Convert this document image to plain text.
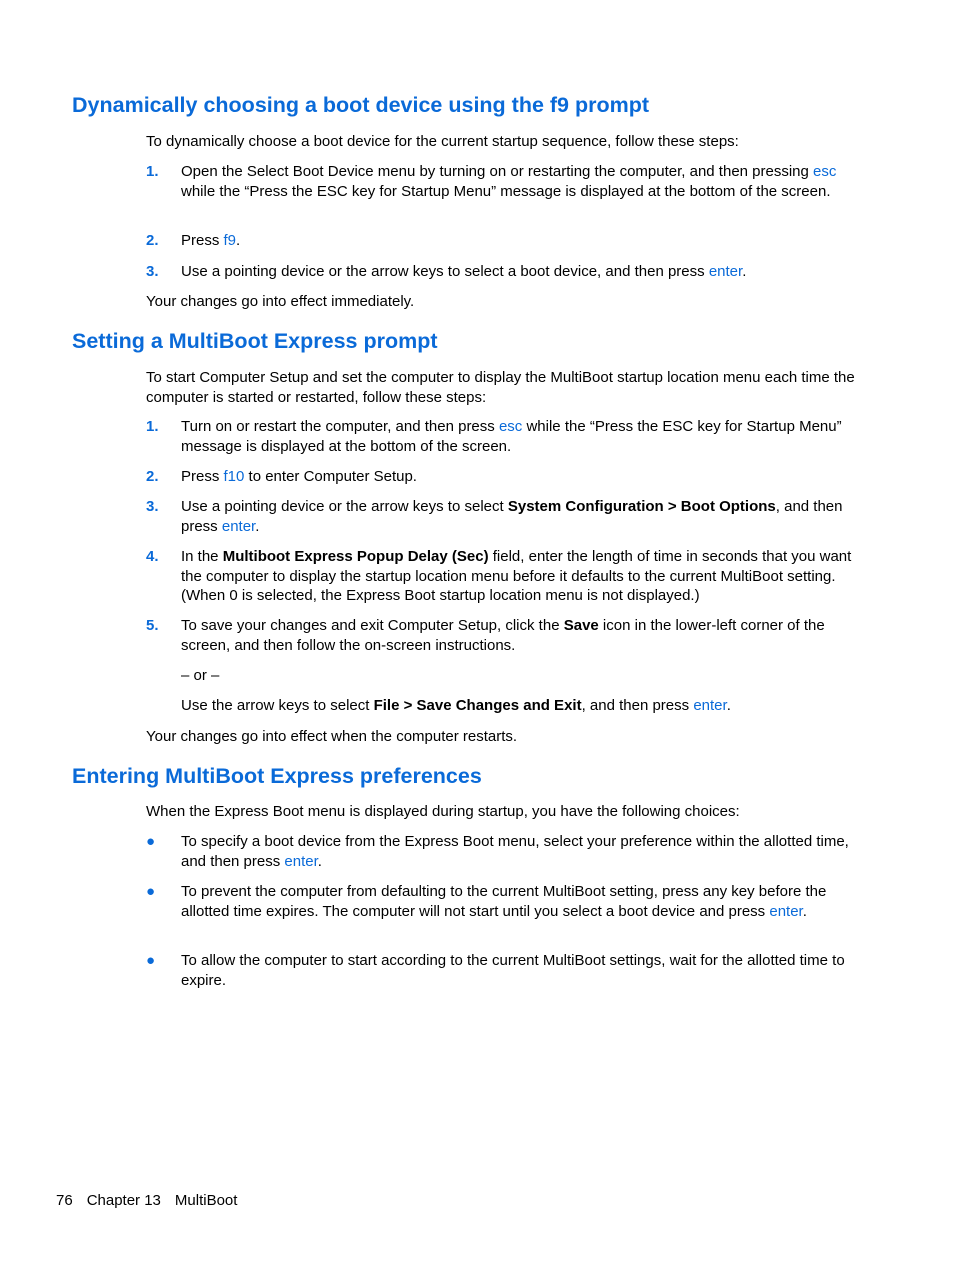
Dynamically choosing a boot device using the f9 prompt

To dynamically choose a boot device for the current startup sequence, follow these steps:

1.	Open the Select Boot Device menu by turning on or restarting the computer, and then pressing esc while the “Press the ESC key for Startup Menu” message is displayed at the bottom of the screen.
2.	Press f9.
3.	Use a pointing device or the arrow keys to select a boot device, and then press enter.

Your changes go into effect immediately.

Setting a MultiBoot Express prompt

To start Computer Setup and set the computer to display the MultiBoot startup location menu each time the computer is started or restarted, follow these steps:

1.	Turn on or restart the computer, and then press esc while the “Press the ESC key for Startup Menu” message is displayed at the bottom of the screen.
2.	Press f10 to enter Computer Setup.
3.	Use a pointing device or the arrow keys to select System Configuration > Boot Options, and then press enter.
4.	In the Multiboot Express Popup Delay (Sec) field, enter the length of time in seconds that you want the computer to display the startup location menu before it defaults to the current MultiBoot setting. (When 0 is selected, the Express Boot startup location menu is not displayed.)
5.	To save your changes and exit Computer Setup, click the Save icon in the lower-left corner of the screen, and then follow the on-screen instructions.
– or –
Use the arrow keys to select File > Save Changes and Exit, and then press enter.

Your changes go into effect when the computer restarts.

Entering MultiBoot Express preferences

When the Express Boot menu is displayed during startup, you have the following choices:

●	To specify a boot device from the Express Boot menu, select your preference within the allotted time, and then press enter.
●	To prevent the computer from defaulting to the current MultiBoot setting, press any key before the allotted time expires. The computer will not start until you select a boot device and press enter.
●	To allow the computer to start according to the current MultiBoot settings, wait for the allotted time to expire.
76 Chapter 13 MultiBoot
